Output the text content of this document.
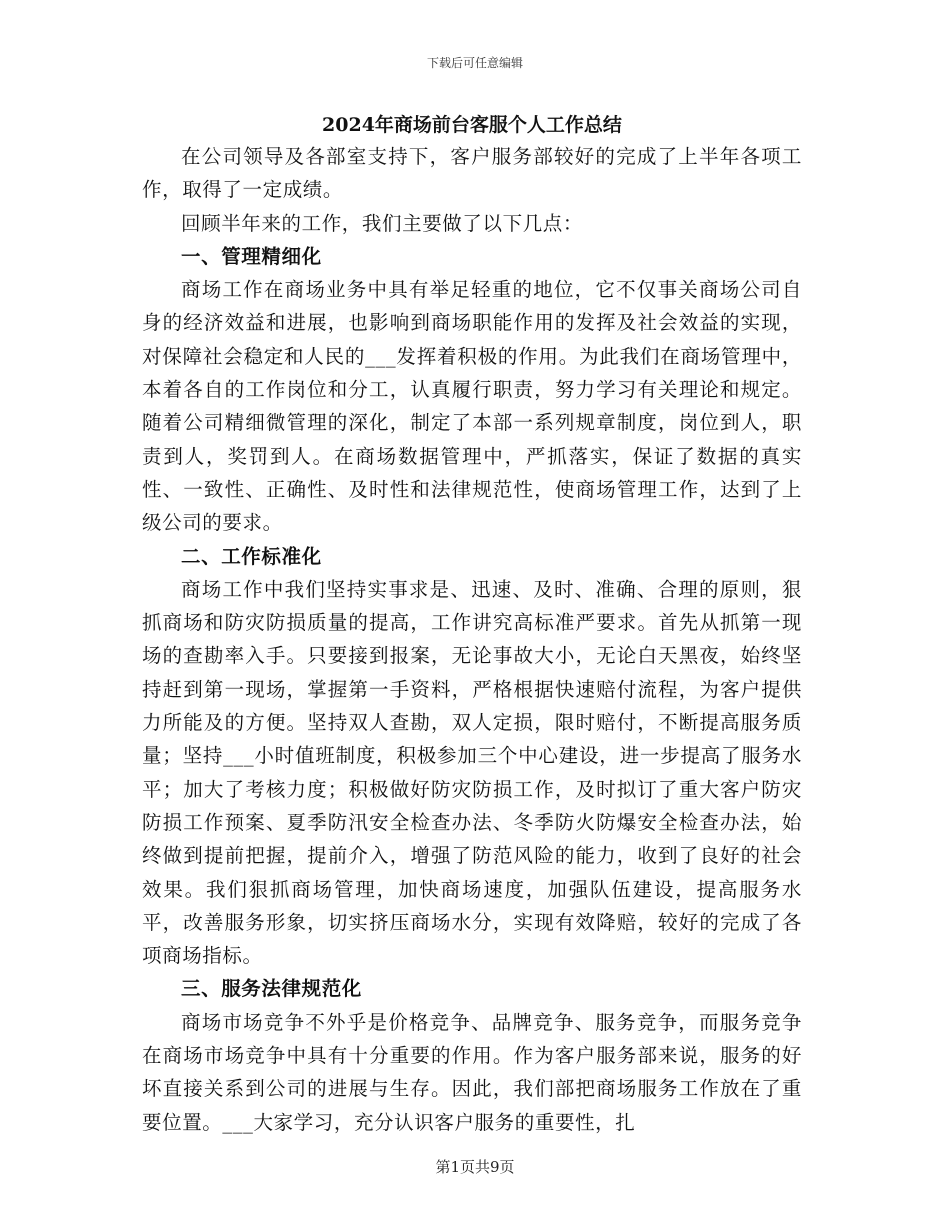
下载后可任意编辑

2024年商场前台客服个人工作总结

在公司领导及各部室支持下，客户服务部较好的完成了上半年各项工作，取得了一定成绩。

回顾半年来的工作，我们主要做了以下几点：

一、管理精细化

商场工作在商场业务中具有举足轻重的地位，它不仅事关商场公司自身的经济效益和进展，也影响到商场职能作用的发挥及社会效益的实现，对保障社会稳定和人民的___发挥着积极的作用。为此我们在商场管理中，本着各自的工作岗位和分工，认真履行职责，努力学习有关理论和规定。随着公司精细微管理的深化，制定了本部一系列规章制度，岗位到人，职责到人，奖罚到人。在商场数据管理中，严抓落实，保证了数据的真实性、一致性、正确性、及时性和法律规范性，使商场管理工作，达到了上级公司的要求。

二、工作标准化

商场工作中我们坚持实事求是、迅速、及时、准确、合理的原则，狠抓商场和防灾防损质量的提高，工作讲究高标准严要求。首先从抓第一现场的查勘率入手。只要接到报案，无论事故大小，无论白天黑夜，始终坚持赶到第一现场，掌握第一手资料，严格根据快速赔付流程，为客户提供力所能及的方便。坚持双人查勘，双人定损，限时赔付，不断提高服务质量；坚持___小时值班制度，积极参加三个中心建设，进一步提高了服务水平；加大了考核力度；积极做好防灾防损工作，及时拟订了重大客户防灾防损工作预案、夏季防汛安全检查办法、冬季防火防爆安全检查办法，始终做到提前把握，提前介入，增强了防范风险的能力，收到了良好的社会效果。我们狠抓商场管理，加快商场速度，加强队伍建设，提高服务水平，改善服务形象，切实挤压商场水分，实现有效降赔，较好的完成了各项商场指标。

三、服务法律规范化

商场市场竞争不外乎是价格竞争、品牌竞争、服务竞争，而服务竞争在商场市场竞争中具有十分重要的作用。作为客户服务部来说，服务的好坏直接关系到公司的进展与生存。因此，我们部把商场服务工作放在了重要位置。___大家学习，充分认识客户服务的重要性，扎

第1页共9页
